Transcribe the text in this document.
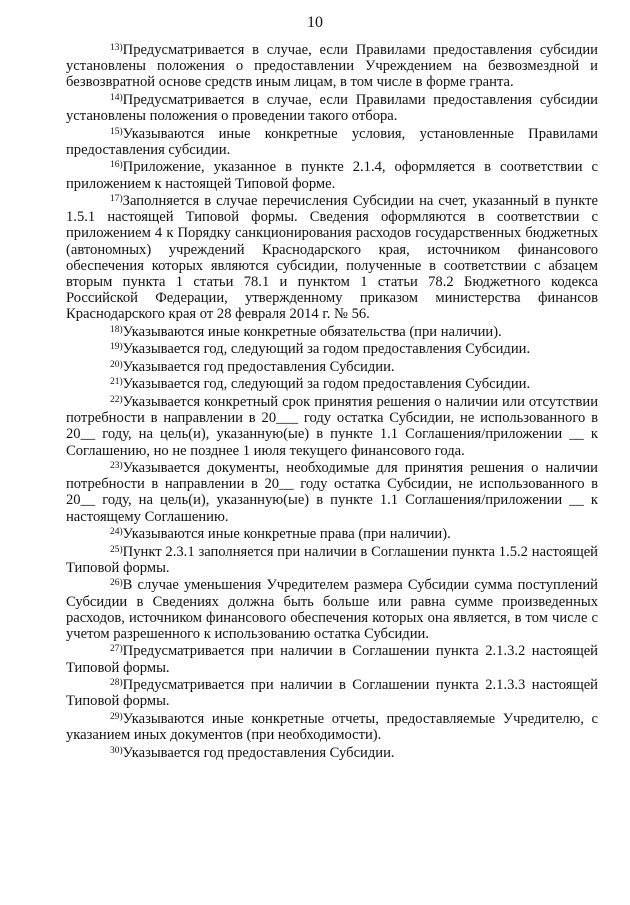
10

$^{13)}$Предусматривается в случае, если Правилами предоставления субсидии установлены положения о предоставлении Учреждением на безвозмездной и безвозвратной основе средств иным лицам, в том числе в форме гранта.

$^{14)}$Предусматривается в случае, если Правилами предоставления субсидии установлены положения о проведении такого отбора.

$^{15)}$Указываются иные конкретные условия, установленные Правилами предоставления субсидии.

$^{16)}$Приложение, указанное в пункте 2.1.4, оформляется в соответствии с приложением к настоящей Типовой форме.

$^{17)}$Заполняется в случае перечисления Субсидии на счет, указанный в пункте 1.5.1 настоящей Типовой формы. Сведения оформляются в соответствии с приложением 4 к Порядку санкционирования расходов государственных бюджетных (автономных) учреждений Краснодарского края, источником финансового обеспечения которых являются субсидии, полученные в соответствии с абзацем вторым пункта 1 статьи 78.1 и пунктом 1 статьи 78.2 Бюджетного кодекса Российской Федерации, утвержденному приказом министерства финансов Краснодарского края от 28 февраля 2014 г. № 56.

$^{18)}$Указываются иные конкретные обязательства (при наличии).

$^{19)}$Указывается год, следующий за годом предоставления Субсидии.

$^{20)}$Указывается год предоставления Субсидии.

$^{21)}$Указывается год, следующий за годом предоставления Субсидии.

$^{22)}$Указывается конкретный срок принятия решения о наличии или отсутствии потребности в направлении в 20___ году остатка Субсидии, не использованного в 20__ году, на цель(и), указанную(ые) в пункте 1.1 Соглашения/приложении __ к Соглашению, но не позднее 1 июля текущего финансового года.

$^{23)}$Указывается документы, необходимые для принятия решения о наличии потребности в направлении в 20__ году остатка Субсидии, не использованного в 20__ году, на цель(и), указанную(ые) в пункте 1.1 Соглашения/приложении __ к настоящему Соглашению.

$^{24)}$Указываются иные конкретные права (при наличии).

$^{25)}$Пункт 2.3.1 заполняется при наличии в Соглашении пункта 1.5.2 настоящей Типовой формы.

$^{26)}$В случае уменьшения Учредителем размера Субсидии сумма поступлений Субсидии в Сведениях должна быть больше или равна сумме произведенных расходов, источником финансового обеспечения которых она является, в том числе с учетом разрешенного к использованию остатка Субсидии.

$^{27)}$Предусматривается при наличии в Соглашении пункта 2.1.3.2 настоящей Типовой формы.

$^{28)}$Предусматривается при наличии в Соглашении пункта 2.1.3.3 настоящей Типовой формы.

$^{29)}$Указываются иные конкретные отчеты, предоставляемые Учредителю, с указанием иных документов (при необходимости).

$^{30)}$Указывается год предоставления Субсидии.
